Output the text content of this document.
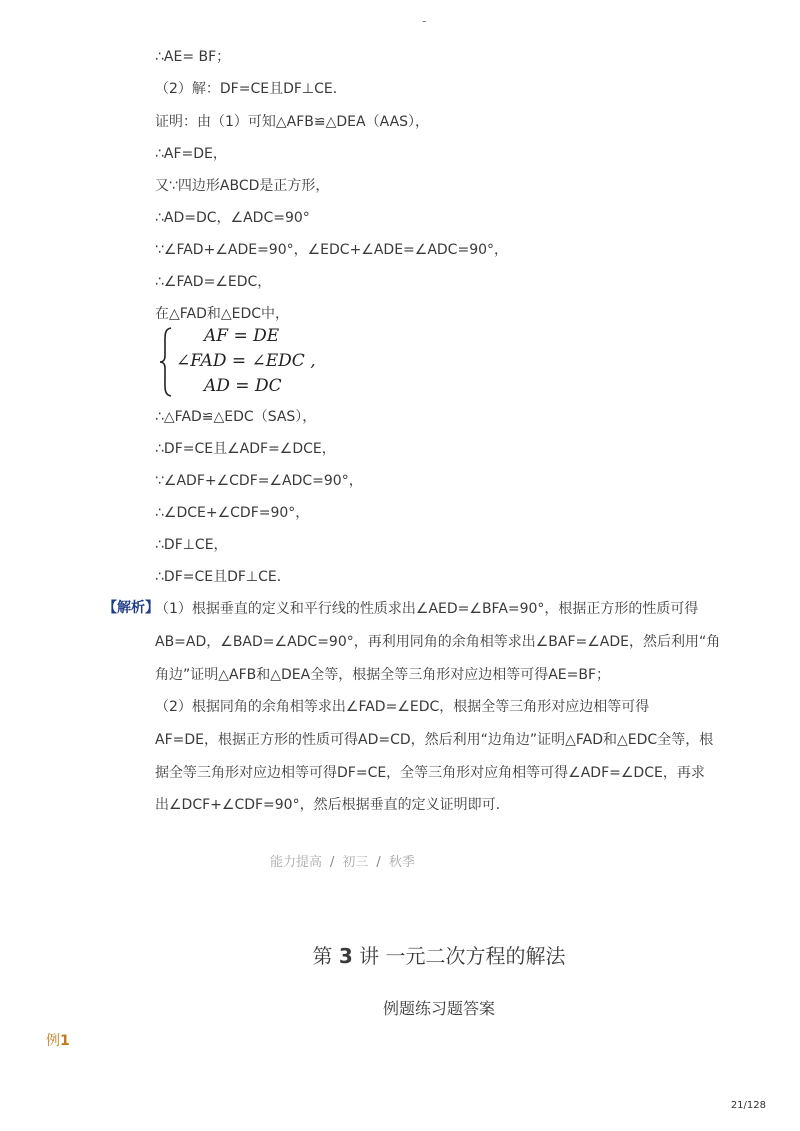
-
∴AE= BF；
（2）解：DF=CE且DF⊥CE．
证明：由（1）可知△AFB≌△DEA（AAS），
∴AF=DE，
又∵四边形ABCD是正方形，
∴AD=DC，∠ADC=90°
∵∠FAD+∠ADE=90°，∠EDC+∠ADE=∠ADC=90°，
∴∠FAD=∠EDC，
在△FAD和△EDC中，
AF = DE
∠FAD = ∠EDC ,
AD = DC
∴△FAD≌△EDC（SAS），
∴DF=CE且∠ADF=∠DCE，
∵∠ADF+∠CDF=∠ADC=90°，
∴∠DCE+∠CDF=90°，
∴DF⊥CE，
∴DF=CE且DF⊥CE．
【解析】
（1）根据垂直的定义和平行线的性质求出∠AED=∠BFA=90°，根据正方形的性质可得
AB=AD，∠BAD=∠ADC=90°，再利用同角的余角相等求出∠BAF=∠ADE，然后利用“角
角边”证明△AFB和△DEA全等，根据全等三角形对应边相等可得AE=BF；
（2）根据同角的余角相等求出∠FAD=∠EDC，根据全等三角形对应边相等可得
AF=DE，根据正方形的性质可得AD=CD，然后利用“边角边”证明△FAD和△EDC全等，根
据全等三角形对应边相等可得DF=CE，全等三角形对应角相等可得∠ADF=∠DCE，再求
出∠DCF+∠CDF=90°，然后根据垂直的定义证明即可.
能力提高 / 初三 / 秋季
第 3 讲 一元二次方程的解法
例题练习题答案
例1
21/128
